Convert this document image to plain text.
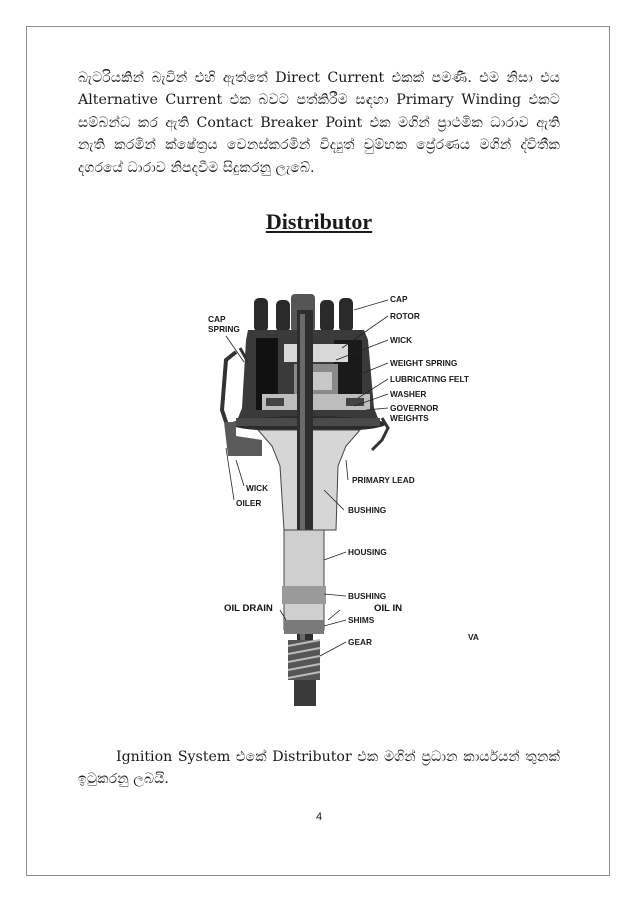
බැටරියකින් බැවින් එහි ඇත්තේ Direct Current එකක් පමණී. එම නිසා එය Alternative Current එක බවට පත්කිරීම සඳහා Primary Winding එකට සම්බන්ධ කර ඇති Contact Breaker Point එක මගින් ප්‍රාථමික ධාරාව ඇති නැති කරමින් ක්ෂේත්‍රය වෙනස්කරමින් විද්‍යුත් චුම්භක ප්‍රේරණය මගින් ද්විතීක දගරයේ ධාරාව නිපදවීම සිදුකරනු ලැබේ.

Distributor
CAP
ROTOR
CAP
SPRING
WICK
WEIGHT SPRING
LUBRICATING FELT
WASHER
GOVERNOR
WEIGHTS
PRIMARY LEAD
WICK
OILER
BUSHING
HOUSING
BUSHING
OIL DRAIN	OIL IN
SHIMS
GEAR	VA

Ignition System එකේ Distributor එක මගින් ප්‍රධාන කාර්යයන් තුනක් ඉටුකරනු ලබයි.

4
